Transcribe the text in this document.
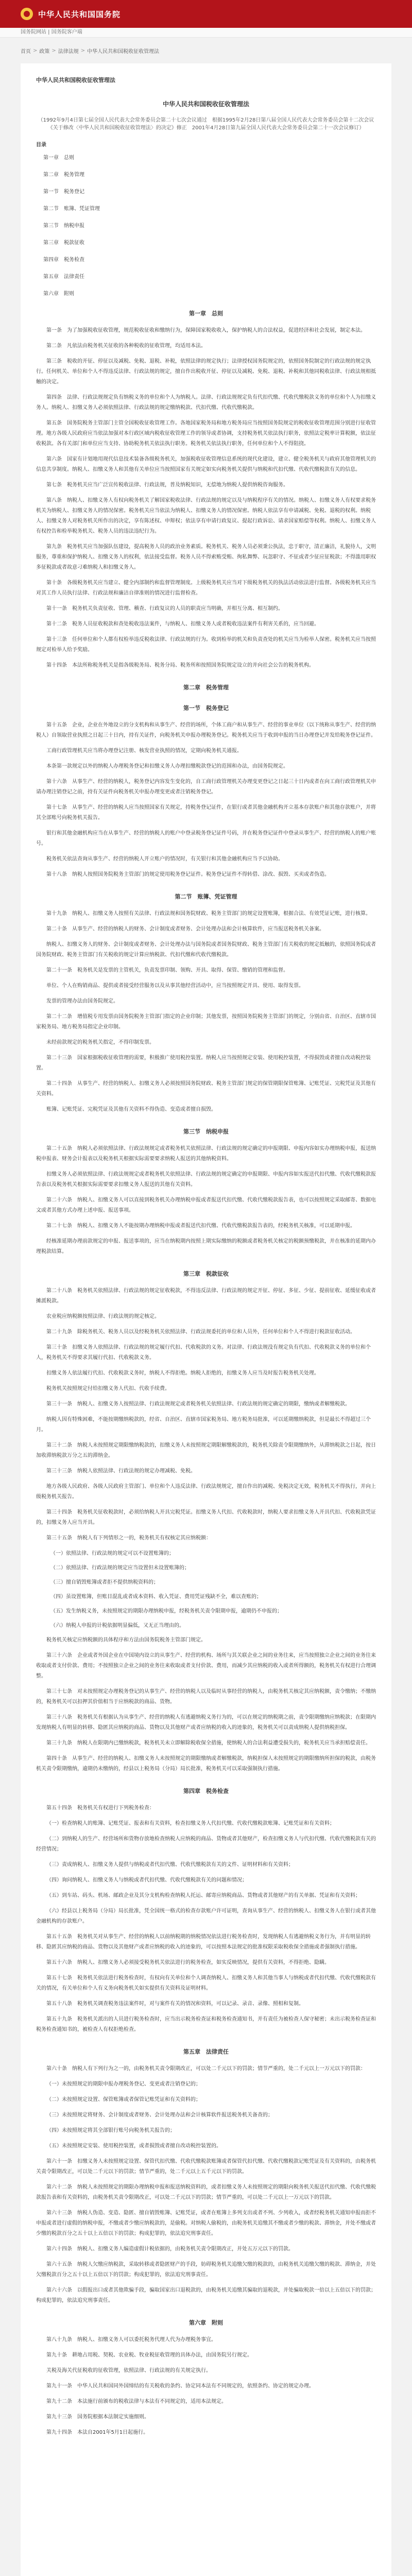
中华人民共和国国务院
国务院网站 | 国务院客户端
首页 > 政策 > 法律法规 > 中华人民共和国税收征收管理法
中华人民共和国税收征收管理法
中华人民共和国税收征收管理法
（1992年9月4日第七届全国人民代表大会常务委员会第二十七次会议通过　根据1995年2月28日第八届全国人民代表大会常务委员会第十二次会议《关于修改〈中华人民共和国税收征收管理法〉的决定》修正　2001年4月28日第九届全国人民代表大会常务委员会第二十一次会议修订）
目录
第一章　总则
第二章　税务管理
第一节　税务登记
第二节　账簿、凭证管理
第三节　纳税申报
第三章　税款征收
第四章　税务检查
第五章　法律责任
第六章　附则
第一章　总则

第一条　为了加强税收征收管理，规范税收征收和缴纳行为，保障国家税收收入，保护纳税人的合法权益，促进经济和社会发展，制定本法。

第二条　凡依法由税务机关征收的各种税收的征收管理，均适用本法。

第三条　税收的开征、停征以及减税、免税、退税、补税，依照法律的规定执行；法律授权国务院规定的，依照国务院制定的行政法规的规定执行。任何机关、单位和个人不得违反法律、行政法规的规定，擅自作出税收开征、停征以及减税、免税、退税、补税和其他同税收法律、行政法规相抵触的决定。

第四条　法律、行政法规规定负有纳税义务的单位和个人为纳税人。法律、行政法规规定负有代扣代缴、代收代缴税款义务的单位和个人为扣缴义务人。纳税人、扣缴义务人必须依照法律、行政法规的规定缴纳税款、代扣代缴、代收代缴税款。

第五条　国务院税务主管部门主管全国税收征收管理工作。各地国家税务局和地方税务局应当按照国务院规定的税收征收管理范围分别进行征收管理。地方各级人民政府应当依法加强对本行政区域内税收征收管理工作的领导或者协调，支持税务机关依法执行职务，依照法定税率计算税额，依法征收税款。各有关部门和单位应当支持、协助税务机关依法执行职务。税务机关依法执行职务，任何单位和个人不得阻挠。

第六条　国家有计划地用现代信息技术装备各级税务机关，加强税收征收管理信息系统的现代化建设，建立、健全税务机关与政府其他管理机关的信息共享制度。纳税人、扣缴义务人和其他有关单位应当按照国家有关规定如实向税务机关提供与纳税和代扣代缴、代收代缴税款有关的信息。

第七条　税务机关应当广泛宣传税收法律、行政法规，普及纳税知识，无偿地为纳税人提供纳税咨询服务。

第八条　纳税人、扣缴义务人有权向税务机关了解国家税收法律、行政法规的规定以及与纳税程序有关的情况。纳税人、扣缴义务人有权要求税务机关为纳税人、扣缴义务人的情况保密。税务机关应当依法为纳税人、扣缴义务人的情况保密。纳税人依法享有申请减税、免税、退税的权利。纳税人、扣缴义务人对税务机关所作出的决定，享有陈述权、申辩权；依法享有申请行政复议、提起行政诉讼、请求国家赔偿等权利。纳税人、扣缴义务人有权控告和检举税务机关、税务人员的违法违纪行为。

第九条　税务机关应当加强队伍建设，提高税务人员的政治业务素质。税务机关、税务人员必须秉公执法，忠于职守，清正廉洁，礼貌待人，文明服务，尊重和保护纳税人、扣缴义务人的权利，依法接受监督。税务人员不得索贿受贿、徇私舞弊、玩忽职守、不征或者少征应征税款；不得滥用职权多征税款或者故意刁难纳税人和扣缴义务人。

第十条　各级税务机关应当建立、健全内部制约和监督管理制度。上级税务机关应当对下级税务机关的执法活动依法进行监督。各级税务机关应当对其工作人员执行法律、行政法规和廉洁自律准则的情况进行监督检查。

第十一条　税务机关负责征收、管理、稽查、行政复议的人员的职责应当明确，并相互分离、相互制约。

第十二条　税务人员征收税款和查处税收违法案件，与纳税人、扣缴义务人或者税收违法案件有利害关系的，应当回避。

第十三条　任何单位和个人都有权检举违反税收法律、行政法规的行为。收到检举的机关和负责查处的机关应当为检举人保密。税务机关应当按照规定对检举人给予奖励。

第十四条　本法所称税务机关是指各级税务局、税务分局、税务所和按照国务院规定设立的并向社会公告的税务机构。

第二章　税务管理

第一节　税务登记

第十五条　企业，企业在外地设立的分支机构和从事生产、经营的场所，个体工商户和从事生产、经营的事业单位（以下统称从事生产、经营的纳税人）自领取营业执照之日起三十日内，持有关证件，向税务机关申报办理税务登记。税务机关应当于收到申报的当日办理登记并发给税务登记证件。

工商行政管理机关应当将办理登记注册、核发营业执照的情况，定期向税务机关通报。

本条第一款规定以外的纳税人办理税务登记和扣缴义务人办理扣缴税款登记的范围和办法，由国务院规定。

第十六条　从事生产、经营的纳税人，税务登记内容发生变化的，自工商行政管理机关办理变更登记之日起三十日内或者在向工商行政管理机关申请办理注销登记之前，持有关证件向税务机关申报办理变更或者注销税务登记。

第十七条　从事生产、经营的纳税人应当按照国家有关规定，持税务登记证件，在银行或者其他金融机构开立基本存款账户和其他存款账户，并将其全部账号向税务机关报告。

银行和其他金融机构应当在从事生产、经营的纳税人的账户中登录税务登记证件号码，并在税务登记证件中登录从事生产、经营的纳税人的账户账号。

税务机关依法查询从事生产、经营的纳税人开立账户的情况时，有关银行和其他金融机构应当予以协助。

第十八条　纳税人按照国务院税务主管部门的规定使用税务登记证件。税务登记证件不得转借、涂改、损毁、买卖或者伪造。

第二节　账簿、凭证管理

第十九条　纳税人、扣缴义务人按照有关法律、行政法规和国务院财政、税务主管部门的规定设置账簿，根据合法、有效凭证记账，进行核算。

第二十条　从事生产、经营的纳税人的财务、会计制度或者财务、会计处理办法和会计核算软件，应当报送税务机关备案。

纳税人、扣缴义务人的财务、会计制度或者财务、会计处理办法与国务院或者国务院财政、税务主管部门有关税收的规定抵触的，依照国务院或者国务院财政、税务主管部门有关税收的规定计算应纳税款、代扣代缴和代收代缴税款。

第二十一条　税务机关是发票的主管机关，负责发票印制、领购、开具、取得、保管、缴销的管理和监督。

单位、个人在购销商品、提供或者接受经营服务以及从事其他经营活动中，应当按照规定开具、使用、取得发票。

发票的管理办法由国务院规定。

第二十二条　增值税专用发票由国务院税务主管部门指定的企业印制；其他发票，按照国务院税务主管部门的规定，分别由省、自治区、直辖市国家税务局、地方税务局指定企业印制。

未经前款规定的税务机关指定，不得印制发票。

第二十三条　国家根据税收征收管理的需要，积极推广使用税控装置。纳税人应当按照规定安装、使用税控装置，不得损毁或者擅自改动税控装置。

第二十四条　从事生产、经营的纳税人、扣缴义务人必须按照国务院财政、税务主管部门规定的保管期限保管账簿、记账凭证、完税凭证及其他有关资料。

账簿、记账凭证、完税凭证及其他有关资料不得伪造、变造或者擅自损毁。

第三节　纳税申报

第二十五条　纳税人必须依照法律、行政法规规定或者税务机关依照法律、行政法规的规定确定的申报期限、申报内容如实办理纳税申报，报送纳税申报表、财务会计报表以及税务机关根据实际需要要求纳税人报送的其他纳税资料。

扣缴义务人必须依照法律、行政法规规定或者税务机关依照法律、行政法规的规定确定的申报期限、申报内容如实报送代扣代缴、代收代缴税款报告表以及税务机关根据实际需要要求扣缴义务人报送的其他有关资料。

第二十六条　纳税人、扣缴义务人可以直接到税务机关办理纳税申报或者报送代扣代缴、代收代缴税款报告表，也可以按照规定采取邮寄、数据电文或者其他方式办理上述申报、报送事项。

第二十七条　纳税人、扣缴义务人不能按期办理纳税申报或者报送代扣代缴、代收代缴税款报告表的，经税务机关核准，可以延期申报。

经核准延期办理前款规定的申报、报送事项的，应当在纳税期内按照上期实际缴纳的税额或者税务机关核定的税额预缴税款，并在核准的延期内办理税款结算。

第三章　税款征收

第二十八条　税务机关依照法律、行政法规的规定征收税款，不得违反法律、行政法规的规定开征、停征、多征、少征、提前征收、延缓征收或者摊派税款。

农业税应纳税额按照法律、行政法规的规定核定。

第二十九条　除税务机关、税务人员以及经税务机关依照法律、行政法规委托的单位和人员外，任何单位和个人不得进行税款征收活动。

第三十条　扣缴义务人依照法律、行政法规的规定履行代扣、代收税款的义务。对法律、行政法规没有规定负有代扣、代收税款义务的单位和个人，税务机关不得要求其履行代扣、代收税款义务。

扣缴义务人依法履行代扣、代收税款义务时，纳税人不得拒绝。纳税人拒绝的，扣缴义务人应当及时报告税务机关处理。

税务机关按照规定付给扣缴义务人代扣、代收手续费。

第三十一条　纳税人、扣缴义务人按照法律、行政法规规定或者税务机关依照法律、行政法规的规定确定的期限，缴纳或者解缴税款。

纳税人因有特殊困难，不能按期缴纳税款的，经省、自治区、直辖市国家税务局、地方税务局批准，可以延期缴纳税款，但是最长不得超过三个月。

第三十二条　纳税人未按照规定期限缴纳税款的，扣缴义务人未按照规定期限解缴税款的，税务机关除责令限期缴纳外，从滞纳税款之日起，按日加收滞纳税款万分之五的滞纳金。

第三十三条　纳税人依照法律、行政法规的规定办理减税、免税。

地方各级人民政府、各级人民政府主管部门、单位和个人违反法律、行政法规规定，擅自作出的减税、免税决定无效，税务机关不得执行，并向上级税务机关报告。

第三十四条　税务机关征收税款时，必须给纳税人开具完税凭证。扣缴义务人代扣、代收税款时，纳税人要求扣缴义务人开具代扣、代收税款凭证的，扣缴义务人应当开具。

第三十五条　纳税人有下列情形之一的，税务机关有权核定其应纳税额：

（一）依照法律、行政法规的规定可以不设置账簿的；
（二）依照法律、行政法规的规定应当设置但未设置账簿的；
（三）擅自销毁账簿或者拒不提供纳税资料的；
（四）虽设置账簿，但账目混乱或者成本资料、收入凭证、费用凭证残缺不全，难以查账的；
（五）发生纳税义务，未按照规定的期限办理纳税申报，经税务机关责令限期申报，逾期仍不申报的；
（六）纳税人申报的计税依据明显偏低，又无正当理由的。

税务机关核定应纳税额的具体程序和方法由国务院税务主管部门规定。

第三十六条　企业或者外国企业在中国境内设立的从事生产、经营的机构、场所与其关联企业之间的业务往来，应当按照独立企业之间的业务往来收取或者支付价款、费用；不按照独立企业之间的业务往来收取或者支付价款、费用，而减少其应纳税的收入或者所得额的，税务机关有权进行合理调整。

第三十七条　对未按照规定办理税务登记的从事生产、经营的纳税人以及临时从事经营的纳税人，由税务机关核定其应纳税额，责令缴纳；不缴纳的，税务机关可以扣押其价值相当于应纳税款的商品、货物。

第三十八条　税务机关有根据认为从事生产、经营的纳税人有逃避纳税义务行为的，可以在规定的纳税期之前，责令限期缴纳应纳税款；在限期内发现纳税人有明显的转移、隐匿其应纳税的商品、货物以及其他财产或者应纳税的收入的迹象的，税务机关可以责成纳税人提供纳税担保。

第三十九条　纳税人在限期内已缴纳税款，税务机关未立即解除税收保全措施，使纳税人的合法利益遭受损失的，税务机关应当承担赔偿责任。

第四十条　从事生产、经营的纳税人、扣缴义务人未按照规定的期限缴纳或者解缴税款，纳税担保人未按照规定的期限缴纳所担保的税款，由税务机关责令限期缴纳，逾期仍未缴纳的，经县以上税务局（分局）局长批准，税务机关可以采取强制执行措施。

第四章　税务检查

第五十四条　税务机关有权进行下列税务检查：

（一）检查纳税人的账簿、记账凭证、报表和有关资料，检查扣缴义务人代扣代缴、代收代缴税款账簿、记账凭证和有关资料；

（二）到纳税人的生产、经营场所和货物存放地检查纳税人应纳税的商品、货物或者其他财产，检查扣缴义务人与代扣代缴、代收代缴税款有关的经营情况；

（三）责成纳税人、扣缴义务人提供与纳税或者代扣代缴、代收代缴税款有关的文件、证明材料和有关资料；

（四）询问纳税人、扣缴义务人与纳税或者代扣代缴、代收代缴税款有关的问题和情况；

（五）到车站、码头、机场、邮政企业及其分支机构检查纳税人托运、邮寄应纳税商品、货物或者其他财产的有关单据、凭证和有关资料；

（六）经县以上税务局（分局）局长批准，凭全国统一格式的检查存款账户许可证明，查询从事生产、经营的纳税人、扣缴义务人在银行或者其他金融机构的存款账户。

第五十五条　税务机关对从事生产、经营的纳税人以前纳税期的纳税情况依法进行税务检查时，发现纳税人有逃避纳税义务行为，并有明显的转移、隐匿其应纳税的商品、货物以及其他财产或者应纳税的收入的迹象的，可以按照本法规定的批准权限采取税收保全措施或者强制执行措施。

第五十六条　纳税人、扣缴义务人必须接受税务机关依法进行的税务检查，如实反映情况，提供有关资料，不得拒绝、隐瞒。

第五十七条　税务机关依法进行税务检查时，有权向有关单位和个人调查纳税人、扣缴义务人和其他当事人与纳税或者代扣代缴、代收代缴税款有关的情况，有关单位和个人有义务向税务机关如实提供有关资料及证明材料。

第五十八条　税务机关调查税务违法案件时，对与案件有关的情况和资料，可以记录、录音、录像、照相和复制。

第五十九条　税务机关派出的人员进行税务检查时，应当出示税务检查证和税务检查通知书，并有责任为被检查人保守秘密；未出示税务检查证和税务检查通知书的，被检查人有权拒绝检查。

第五章　法律责任

第六十条　纳税人有下列行为之一的，由税务机关责令限期改正，可以处二千元以下的罚款；情节严重的，处二千元以上一万元以下的罚款：

（一）未按照规定的期限申报办理税务登记、变更或者注销登记的；

（二）未按照规定设置、保管账簿或者保管记账凭证和有关资料的；

（三）未按照规定将财务、会计制度或者财务、会计处理办法和会计核算软件报送税务机关备查的；

（四）未按照规定将其全部银行账号向税务机关报告的；

（五）未按照规定安装、使用税控装置，或者损毁或者擅自改动税控装置的。

第六十一条　扣缴义务人未按照规定设置、保管代扣代缴、代收代缴税款账簿或者保管代扣代缴、代收代缴税款记账凭证及有关资料的，由税务机关责令限期改正，可以处二千元以下的罚款；情节严重的，处二千元以上五千元以下的罚款。

第六十二条　纳税人未按照规定的期限办理纳税申报和报送纳税资料的，或者扣缴义务人未按照规定的期限向税务机关报送代扣代缴、代收代缴税款报告表和有关资料的，由税务机关责令限期改正，可以处二千元以下的罚款；情节严重的，可以处二千元以上一万元以下的罚款。

第六十三条　纳税人伪造、变造、隐匿、擅自销毁账簿、记账凭证，或者在账簿上多列支出或者不列、少列收入，或者经税务机关通知申报而拒不申报或者进行虚假的纳税申报，不缴或者少缴应纳税款的，是偷税。对纳税人偷税的，由税务机关追缴其不缴或者少缴的税款、滞纳金，并处不缴或者少缴的税款百分之五十以上五倍以下的罚款；构成犯罪的，依法追究刑事责任。

第六十四条　纳税人、扣缴义务人编造虚假计税依据的，由税务机关责令限期改正，并处五万元以下的罚款。

第六十五条　纳税人欠缴应纳税款，采取转移或者隐匿财产的手段，妨碍税务机关追缴欠缴的税款的，由税务机关追缴欠缴的税款、滞纳金，并处欠缴税款百分之五十以上五倍以下的罚款；构成犯罪的，依法追究刑事责任。

第六十六条　以假报出口或者其他欺骗手段，骗取国家出口退税款的，由税务机关追缴其骗取的退税款，并处骗取税款一倍以上五倍以下的罚款；构成犯罪的，依法追究刑事责任。

第六章　附则

第八十九条　纳税人、扣缴义务人可以委托税务代理人代为办理税务事宜。

第九十条　耕地占用税、契税、农业税、牧业税征收管理的具体办法，由国务院另行规定。

关税及海关代征税收的征收管理，依照法律、行政法规的有关规定执行。

第九十一条　中华人民共和国同外国缔结的有关税收的条约、协定同本法有不同规定的，依照条约、协定的规定办理。

第九十二条　本法施行前颁布的税收法律与本法有不同规定的，适用本法规定。

第九十三条　国务院根据本法制定实施细则。

第九十四条　本法自2001年5月1日起施行。
